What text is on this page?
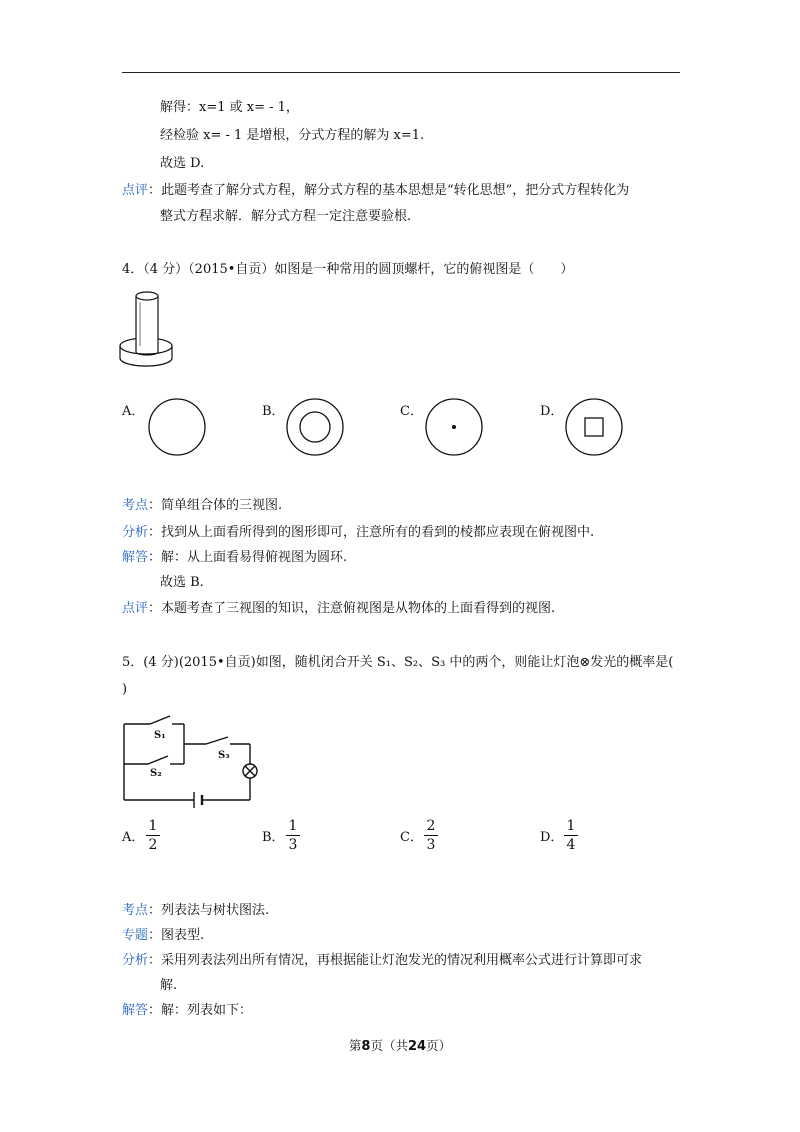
解得：x=1 或 x= - 1，
经检验 x= - 1 是增根，分式方程的解为 x=1.
故选 D.
点评：此题考查了解分式方程，解分式方程的基本思想是“转化思想”，把分式方程转化为
整式方程求解．解分式方程一定注意要验根.
4．（4 分）（2015•自贡）如图是一种常用的圆顶螺杆，它的俯视图是（　　）
A．	B．	C．	D．
考点：简单组合体的三视图.
分析：找到从上面看所得到的图形即可，注意所有的看到的棱都应表现在俯视图中.
解答：解：从上面看易得俯视图为圆环.
故选 B.
点评：本题考查了三视图的知识，注意俯视图是从物体的上面看得到的视图.
5．(4 分)(2015•自贡)如图，随机闭合开关 S₁、S₂、S₃ 中的两个，则能让灯泡⊗发光的概率是(
)
S₁
S₂
S₃
A．
1
2	B．
1
3	C．
2
3	D．
1
4
考点：列表法与树状图法.
专题：图表型.
分析：采用列表法列出所有情况，再根据能让灯泡发光的情况利用概率公式进行计算即可求
解.
解答：解：列表如下：
第8页（共24页）
